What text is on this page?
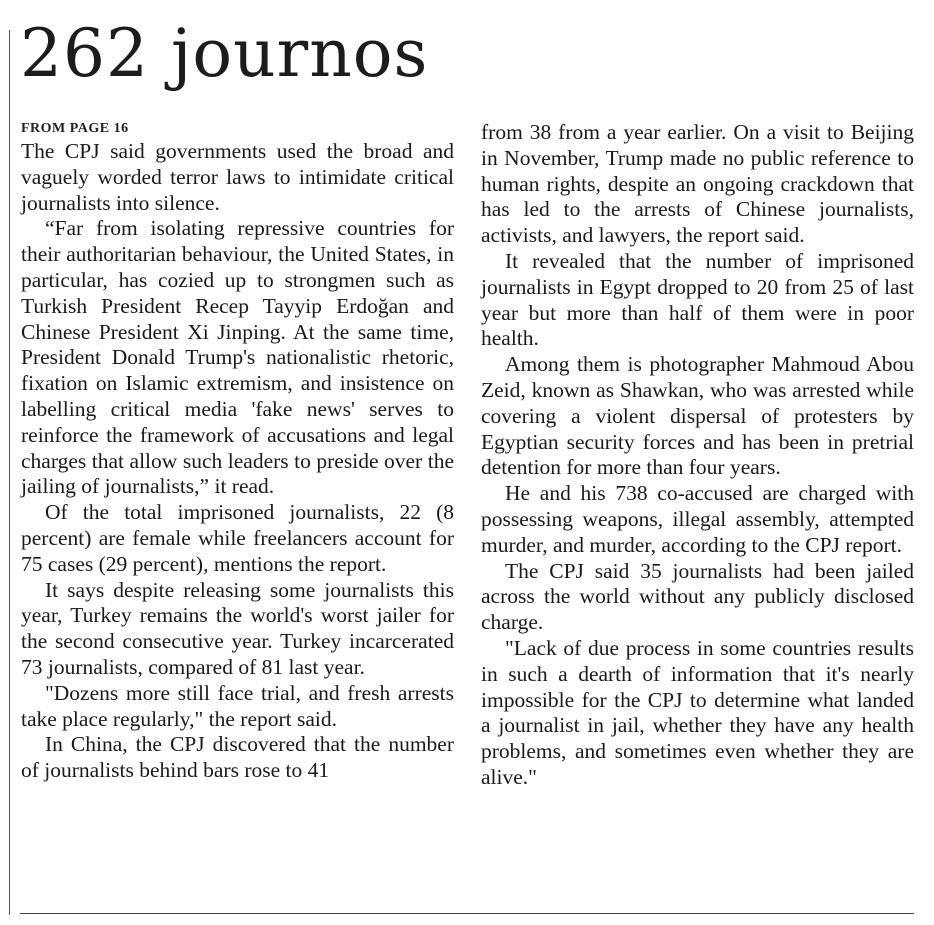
262 journos
FROM PAGE 16

The CPJ said governments used the broad and vaguely worded terror laws to intimidate critical journalists into silence.

“Far from isolating repressive countries for their authoritarian behaviour, the United States, in particular, has cozied up to strongmen such as Turkish President Recep Tayyip Erdoğan and Chinese President Xi Jinping. At the same time, President Donald Trump's nationalistic rhetoric, fixation on Islamic extremism, and insistence on labelling critical media 'fake news' serves to reinforce the framework of accusations and legal charges that allow such leaders to preside over the jailing of journalists,” it read.

Of the total imprisoned journalists, 22 (8 percent) are female while freelancers account for 75 cases (29 percent), mentions the report.

It says despite releasing some journalists this year, Turkey remains the world's worst jailer for the second consecutive year. Turkey incarcerated 73 journalists, compared of 81 last year.

"Dozens more still face trial, and fresh arrests take place regularly," the report said.

In China, the CPJ discovered that the number of journalists behind bars rose to 41

from 38 from a year earlier. On a visit to Beijing in November, Trump made no public reference to human rights, despite an ongoing crackdown that has led to the arrests of Chinese journalists, activists, and lawyers, the report said.

It revealed that the number of imprisoned journalists in Egypt dropped to 20 from 25 of last year but more than half of them were in poor health.

Among them is photographer Mahmoud Abou Zeid, known as Shawkan, who was arrested while covering a violent dispersal of protesters by Egyptian security forces and has been in pretrial detention for more than four years.

He and his 738 co-accused are charged with possessing weapons, illegal assembly, attempted murder, and murder, according to the CPJ report.

The CPJ said 35 journalists had been jailed across the world without any publicly disclosed charge.

"Lack of due process in some countries results in such a dearth of information that it's nearly impossible for the CPJ to determine what landed a journalist in jail, whether they have any health problems, and sometimes even whether they are alive."
